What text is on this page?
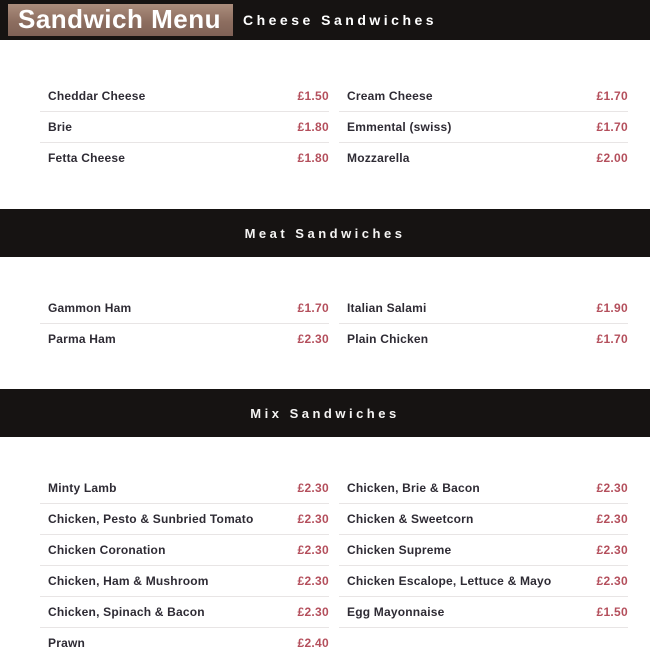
Sandwich Menu	Cheese Sandwiches
Cheddar Cheese	£1.50
Brie	£1.80
Fetta Cheese	£1.80
Cream Cheese	£1.70
Emmental (swiss)	£1.70
Mozzarella	£2.00
Meat Sandwiches
Gammon Ham	£1.70
Parma Ham	£2.30
Italian Salami	£1.90
Plain Chicken	£1.70
Mix Sandwiches
Minty Lamb	£2.30
Chicken, Pesto & Sunbried Tomato	£2.30
Chicken Coronation	£2.30
Chicken, Ham & Mushroom	£2.30
Chicken, Spinach & Bacon	£2.30
Prawn	£2.40
Chicken, Brie & Bacon	£2.30
Chicken & Sweetcorn	£2.30
Chicken Supreme	£2.30
Chicken Escalope, Lettuce & Mayo	£2.30
Egg Mayonnaise	£1.50
